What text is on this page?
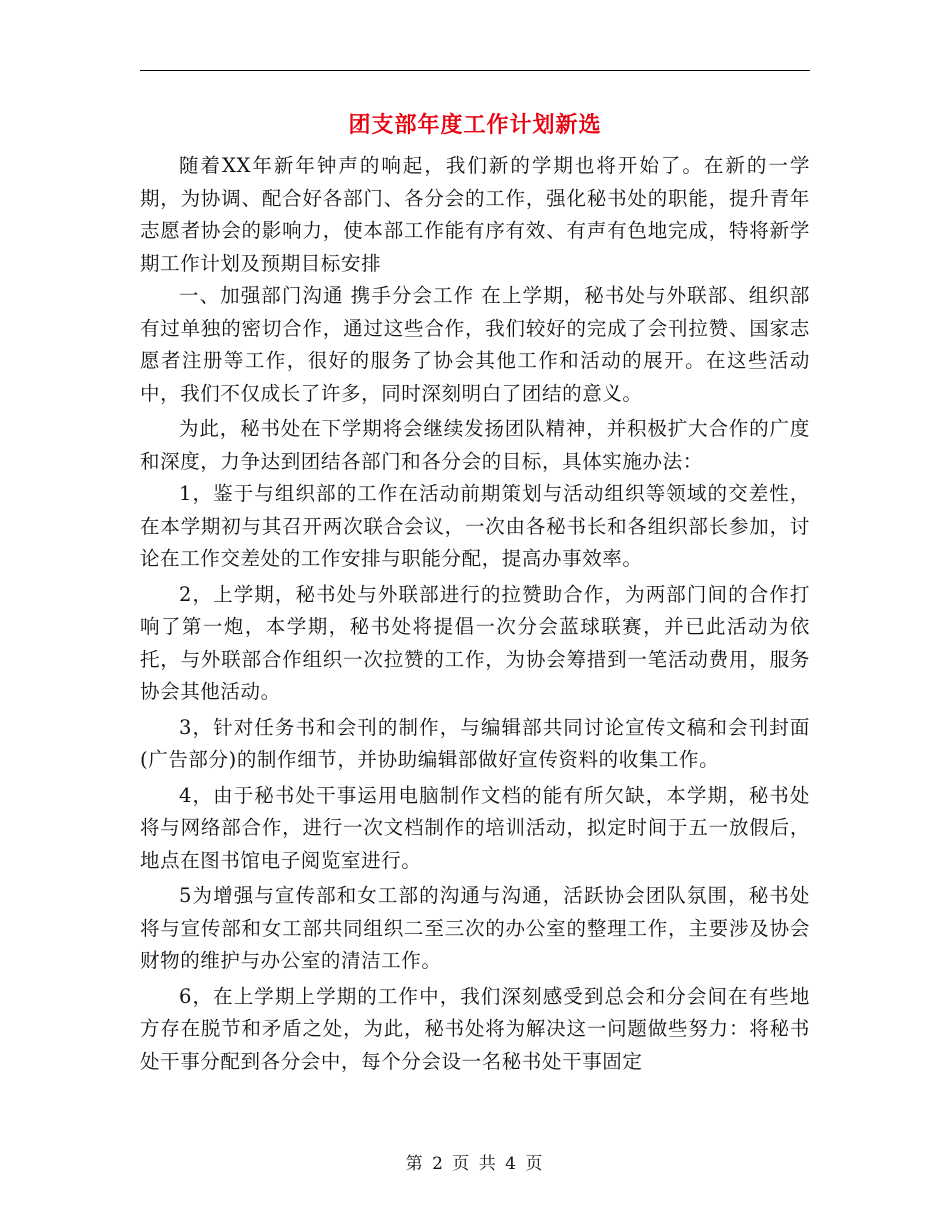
团支部年度工作计划新选

随着XX年新年钟声的响起，我们新的学期也将开始了。在新的一学期，为协调、配合好各部门、各分会的工作，强化秘书处的职能，提升青年志愿者协会的影响力，使本部工作能有序有效、有声有色地完成，特将新学期工作计划及预期目标安排

一、加强部门沟通 携手分会工作 在上学期，秘书处与外联部、组织部有过单独的密切合作，通过这些合作，我们较好的完成了会刊拉赞、国家志愿者注册等工作，很好的服务了协会其他工作和活动的展开。在这些活动中，我们不仅成长了许多，同时深刻明白了团结的意义。

为此，秘书处在下学期将会继续发扬团队精神，并积极扩大合作的广度和深度，力争达到团结各部门和各分会的目标，具体实施办法：

1，鉴于与组织部的工作在活动前期策划与活动组织等领域的交差性，在本学期初与其召开两次联合会议，一次由各秘书长和各组织部长参加，讨论在工作交差处的工作安排与职能分配，提高办事效率。

2，上学期，秘书处与外联部进行的拉赞助合作，为两部门间的合作打响了第一炮，本学期，秘书处将提倡一次分会蓝球联赛，并已此活动为依托，与外联部合作组织一次拉赞的工作，为协会筹措到一笔活动费用，服务协会其他活动。

3，针对任务书和会刊的制作，与编辑部共同讨论宣传文稿和会刊封面(广告部分)的制作细节，并协助编辑部做好宣传资料的收集工作。

4，由于秘书处干事运用电脑制作文档的能有所欠缺，本学期，秘书处将与网络部合作，进行一次文档制作的培训活动，拟定时间于五一放假后，地点在图书馆电子阅览室进行。

5为增强与宣传部和女工部的沟通与沟通，活跃协会团队氛围，秘书处将与宣传部和女工部共同组织二至三次的办公室的整理工作，主要涉及协会财物的维护与办公室的清洁工作。

6，在上学期上学期的工作中，我们深刻感受到总会和分会间在有些地方存在脱节和矛盾之处，为此，秘书处将为解决这一问题做些努力：将秘书处干事分配到各分会中，每个分会设一名秘书处干事固定

第 2 页 共 4 页
